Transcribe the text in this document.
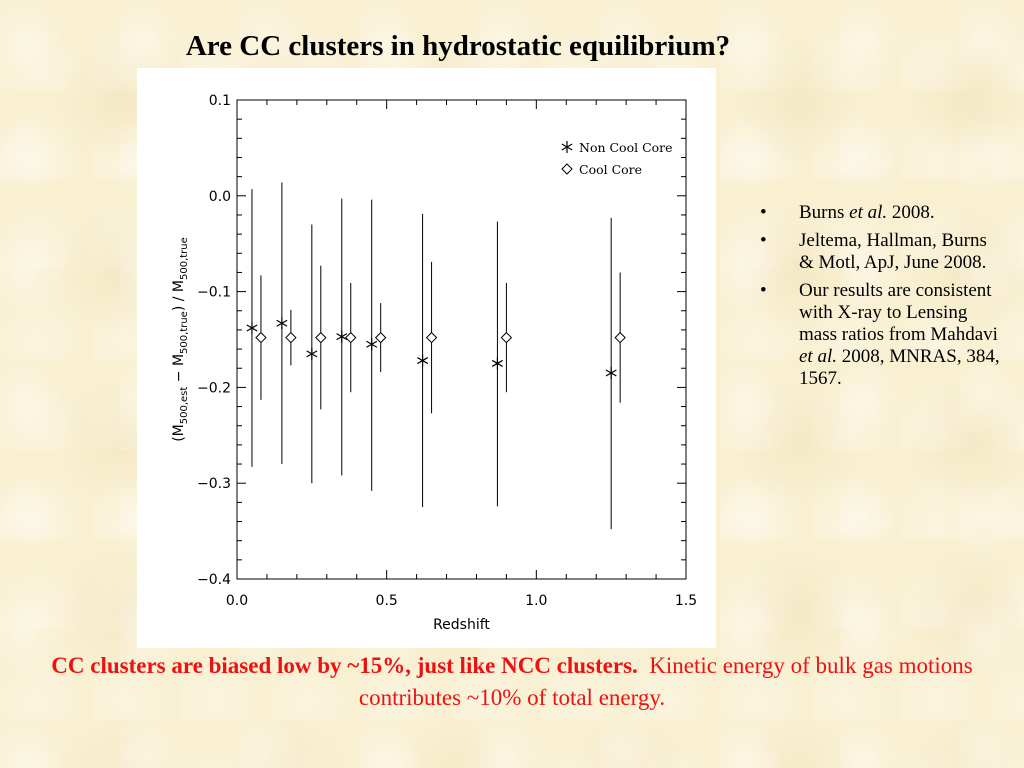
Are CC clusters in hydrostatic equilibrium?
0.0	0.5	1.0	1.5
0.1
0.0
−0.1
−0.2
−0.3
−0.4
Redshift
$(M_{500,est} - M_{500,true}) / M_{500,true}$
Non Cool Core
Cool Core
• Burns et al. 2008.
• Jeltema, Hallman, Burns & Motl, ApJ, June 2008.
• Our results are consistent with X-ray to Lensing mass ratios from Mahdavi et al. 2008, MNRAS, 384, 1567.
CC clusters are biased low by ~15%, just like NCC clusters. Kinetic energy of bulk gas motions contributes ~10% of total energy.
